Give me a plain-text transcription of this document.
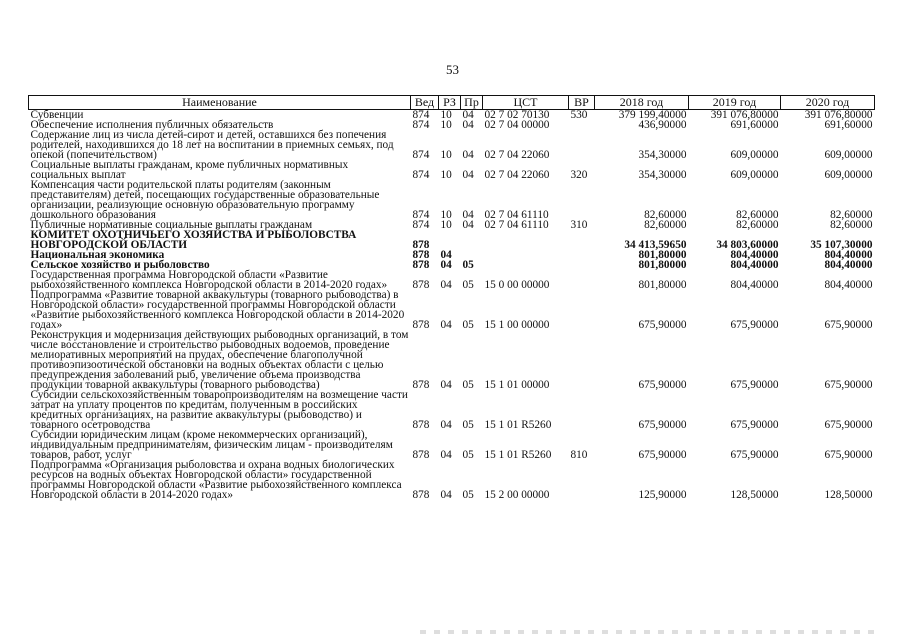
53
Наименование	Вед	РЗ	Пр	ЦСТ	ВР	2018 год	2019 год	2020 год
Субвенции	874	10	04	02 7 02 70130	530	379 199,40000	391 076,80000	391 076,80000
Обеспечение исполнения публичных обязательств	874	10	04	02 7 04 00000		436,90000	691,60000	691,60000
Содержание лиц из числа детей-сирот и детей, оставшихся без попечения родителей, находившихся до 18 лет на воспитании в приемных семьях, под опекой (попечительством)	874	10	04	02 7 04 22060		354,30000	609,00000	609,00000
Социальные выплаты гражданам, кроме публичных нормативных социальных выплат	874	10	04	02 7 04 22060	320	354,30000	609,00000	609,00000
Компенсация части родительской платы родителям (законным представителям) детей, посещающих государственные образовательные организации, реализующие основную образовательную программу дошкольного образования	874	10	04	02 7 04 61110		82,60000	82,60000	82,60000
Публичные нормативные социальные выплаты гражданам	874	10	04	02 7 04 61110	310	82,60000	82,60000	82,60000
КОМИТЕТ ОХОТНИЧЬЕГО ХОЗЯЙСТВА И РЫБОЛОВСТВА НОВГОРОДСКОЙ ОБЛАСТИ	878					34 413,59650	34 803,60000	35 107,30000
Национальная экономика	878	04				801,80000	804,40000	804,40000
Сельское хозяйство и рыболовство	878	04	05			801,80000	804,40000	804,40000
Государственная программа Новгородской области «Развитие рыбохозяйственного комплекса Новгородской области в 2014-2020 годах»	878	04	05	15 0 00 00000		801,80000	804,40000	804,40000
Подпрограмма «Развитие товарной аквакультуры (товарного рыбоводства) в Новгородской области» государственной программы Новгородской области «Развитие рыбохозяйственного комплекса Новгородской области в 2014-2020 годах»	878	04	05	15 1 00 00000		675,90000	675,90000	675,90000
Реконструкция и модернизация действующих рыбоводных организаций, в том числе восстановление и строительство рыбоводных водоемов, проведение мелиоративных мероприятий на прудах, обеспечение благополучной противоэпизоотической обстановки на водных объектах области с целью предупреждения заболеваний рыб, увеличение объема производства продукции товарной аквакультуры (товарного рыбоводства)	878	04	05	15 1 01 00000		675,90000	675,90000	675,90000
Субсидии сельскохозяйственным товаропроизводителям на возмещение части затрат на уплату процентов по кредитам, полученным в российских кредитных организациях, на развитие аквакультуры (рыбоводство) и товарного осетроводства	878	04	05	15 1 01 R5260		675,90000	675,90000	675,90000
Субсидии юридическим лицам (кроме некоммерческих организаций), индивидуальным предпринимателям, физическим лицам - производителям товаров, работ, услуг	878	04	05	15 1 01 R5260	810	675,90000	675,90000	675,90000
Подпрограмма «Организация рыболовства и охрана водных биологических ресурсов на водных объектах Новгородской области» государственной программы Новгородской области «Развитие рыбохозяйственного комплекса Новгородской области в 2014-2020 годах»	878	04	05	15 2 00 00000		125,90000	128,50000	128,50000
